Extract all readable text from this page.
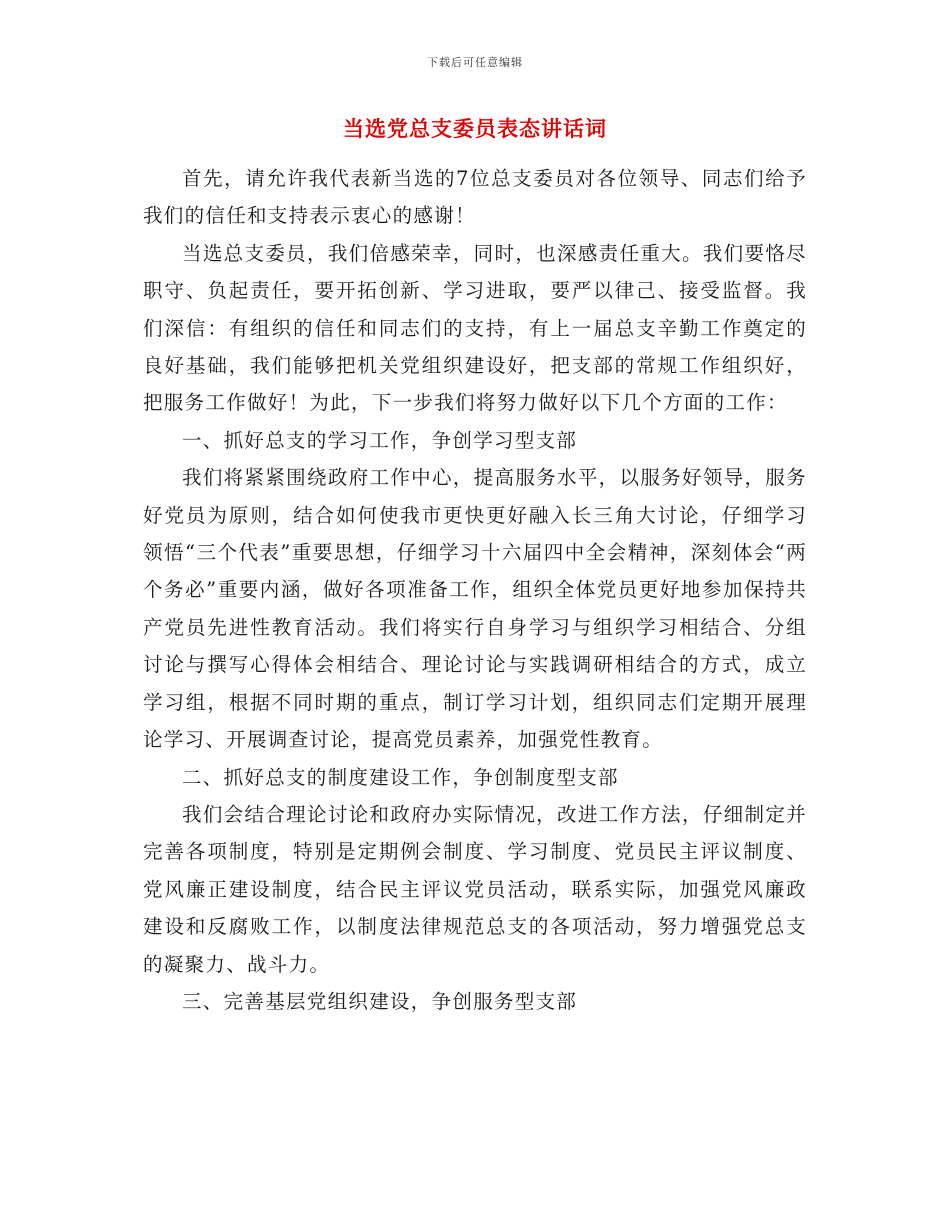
下载后可任意编辑
当选党总支委员表态讲话词

首先，请允许我代表新当选的7位总支委员对各位领导、同志们给予我们的信任和支持表示衷心的感谢！

当选总支委员，我们倍感荣幸，同时，也深感责任重大。我们要恪尽职守、负起责任，要开拓创新、学习进取，要严以律己、接受监督。我们深信：有组织的信任和同志们的支持，有上一届总支辛勤工作奠定的良好基础，我们能够把机关党组织建设好，把支部的常规工作组织好，把服务工作做好！为此，下一步我们将努力做好以下几个方面的工作：

一、抓好总支的学习工作，争创学习型支部

我们将紧紧围绕政府工作中心，提高服务水平，以服务好领导，服务好党员为原则，结合如何使我市更快更好融入长三角大讨论，仔细学习领悟“三个代表”重要思想，仔细学习十六届四中全会精神，深刻体会“两个务必”重要内涵，做好各项准备工作，组织全体党员更好地参加保持共产党员先进性教育活动。我们将实行自身学习与组织学习相结合、分组讨论与撰写心得体会相结合、理论讨论与实践调研相结合的方式，成立学习组，根据不同时期的重点，制订学习计划，组织同志们定期开展理论学习、开展调查讨论，提高党员素养，加强党性教育。

二、抓好总支的制度建设工作，争创制度型支部

我们会结合理论讨论和政府办实际情况，改进工作方法，仔细制定并完善各项制度，特别是定期例会制度、学习制度、党员民主评议制度、党风廉正建设制度，结合民主评议党员活动，联系实际，加强党风廉政建设和反腐败工作，以制度法律规范总支的各项活动，努力增强党总支的凝聚力、战斗力。

三、完善基层党组织建设，争创服务型支部
